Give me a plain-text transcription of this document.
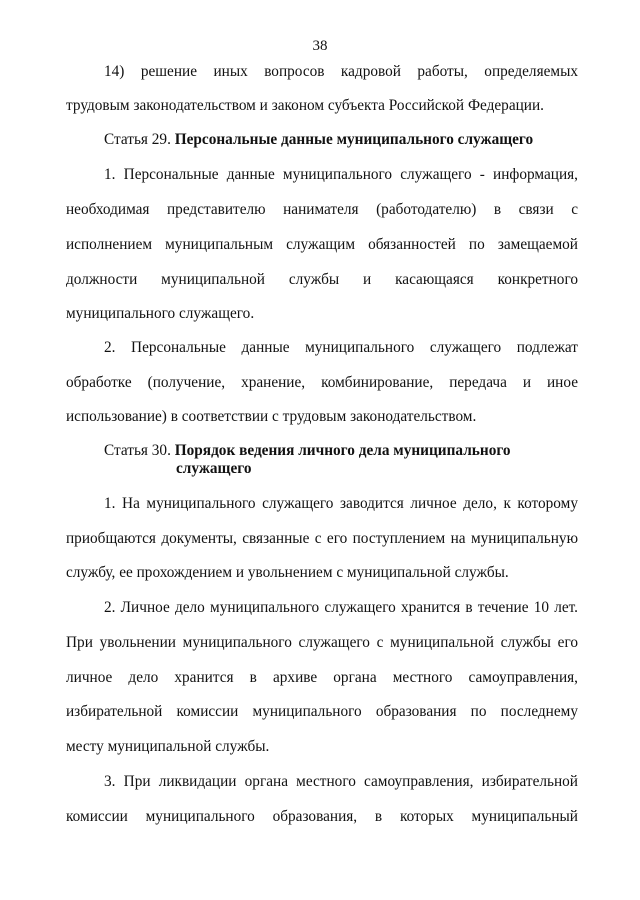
38
14) решение иных вопросов кадровой работы, определяемых
трудовым законодательством и законом субъекта Российской Федерации.
Статья 29. Персональные данные муниципального служащего
1. Персональные данные муниципального служащего - информация,
необходимая представителю нанимателя (работодателю) в связи с
исполнением муниципальным служащим обязанностей по замещаемой
должности муниципальной службы и касающаяся конкретного
муниципального служащего.
2. Персональные данные муниципального служащего подлежат
обработке (получение, хранение, комбинирование, передача и иное
использование) в соответствии с трудовым законодательством.
Статья 30. Порядок ведения личного дела муниципального
служащего
1. На муниципального служащего заводится личное дело, к которому
приобщаются документы, связанные с его поступлением на муниципальную
службу, ее прохождением и увольнением с муниципальной службы.
2. Личное дело муниципального служащего хранится в течение 10 лет.
При увольнении муниципального служащего с муниципальной службы его
личное дело хранится в архиве органа местного самоуправления,
избирательной комиссии муниципального образования по последнему
месту муниципальной службы.
3. При ликвидации органа местного самоуправления, избирательной
комиссии муниципального образования, в которых муниципальный
